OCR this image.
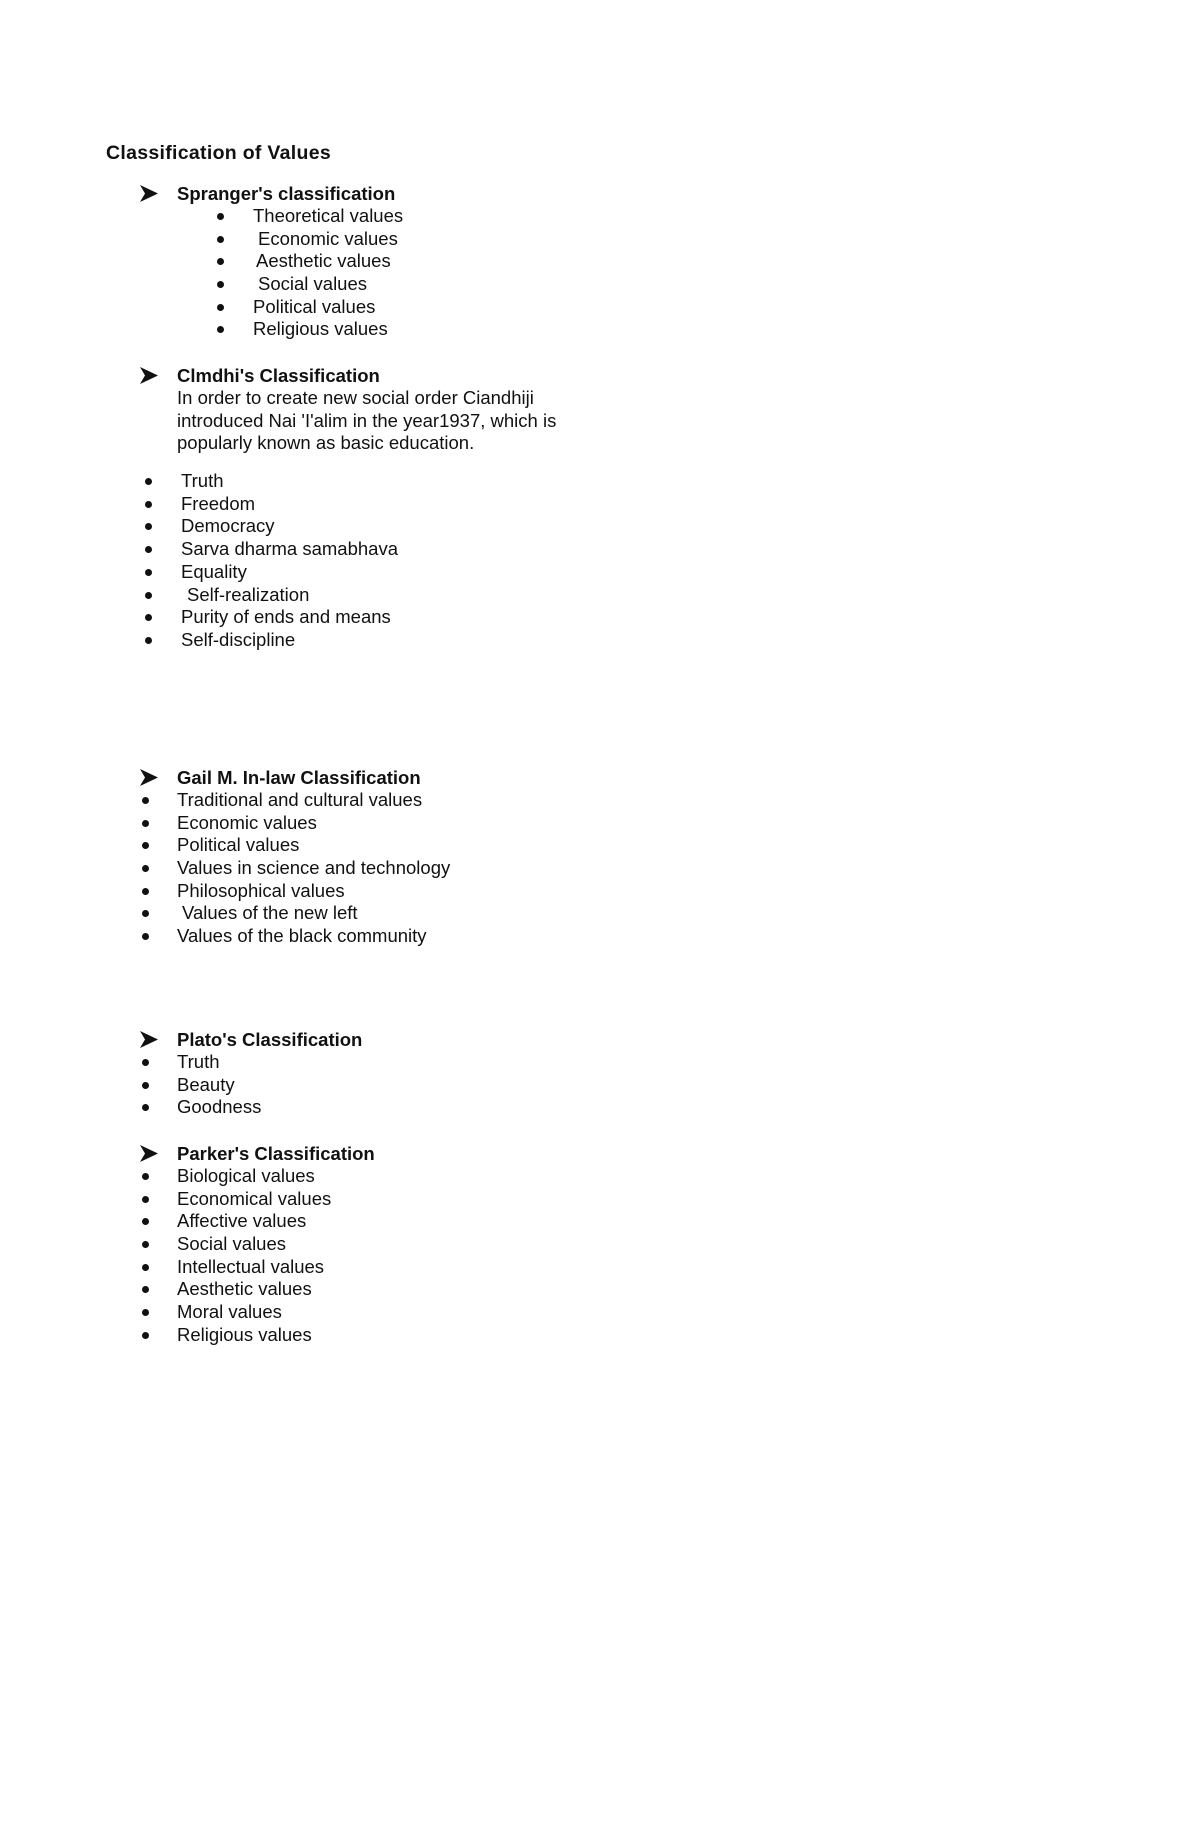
Classification of Values
Spranger's classification
Theoretical values
Economic values
Aesthetic values
Social values
Political values
Religious values
Clmdhi's Classification

In order to create new social order Ciandhiji introduced Nai 'I'alim in the year1937, which is popularly known as basic education.

Truth
Freedom
Democracy
Sarva dharma samabhava
Equality
Self-realization
Purity of ends and means
Self-discipline
Gail M. In-law Classification
Traditional and cultural values
Economic values
Political values
Values in science and technology
Philosophical values
Values of the new left
Values of the black community
Plato's Classification
Truth
Beauty
Goodness
Parker's Classification
Biological values
Economical values
Affective values
Social values
Intellectual values
Aesthetic values
Moral values
Religious values
